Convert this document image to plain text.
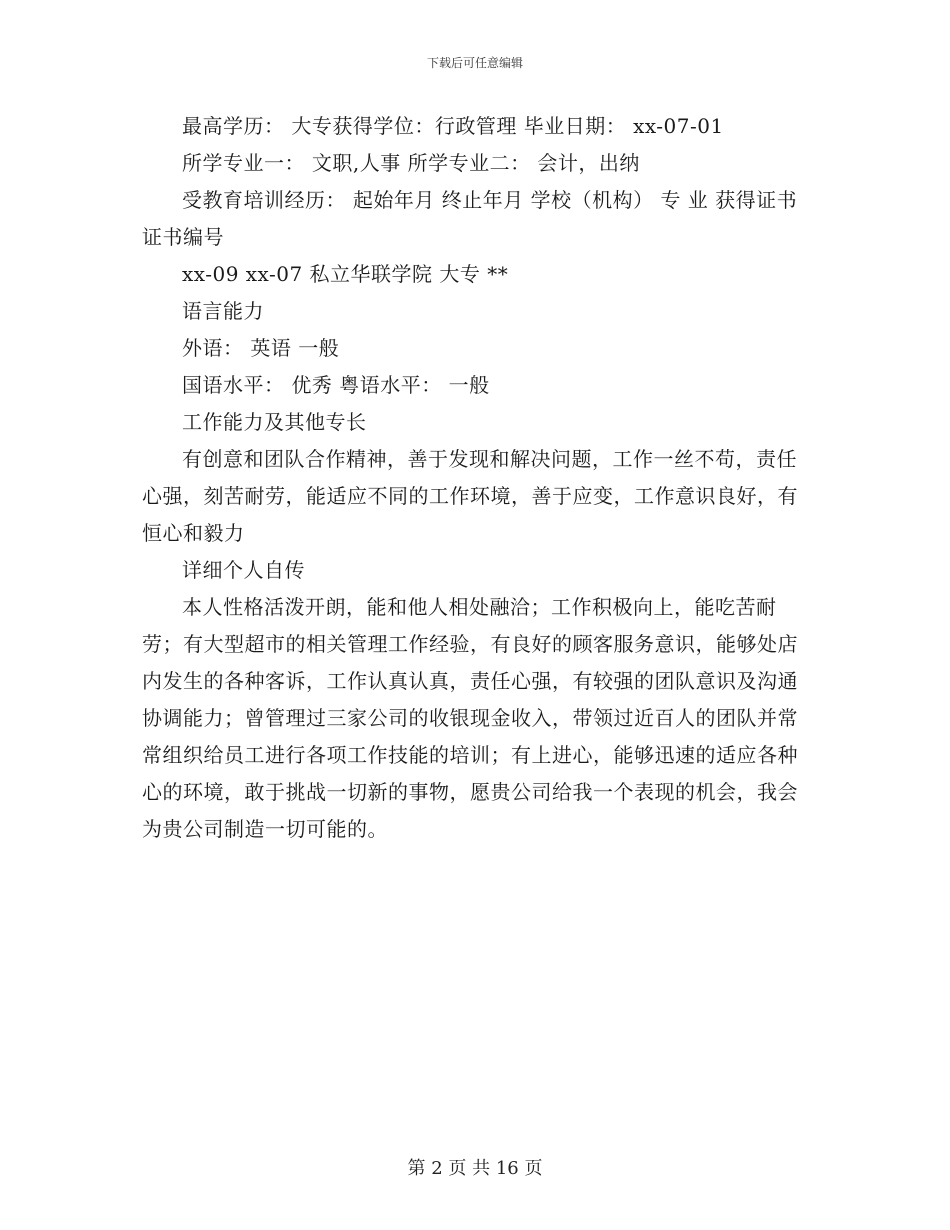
下载后可任意编辑

最高学历： 大专获得学位：行政管理 毕业日期： xx-07-01

所学专业一： 文职,人事 所学专业二： 会计，出纳

受教育培训经历： 起始年月 终止年月 学校（机构） 专 业 获得证书 证书编号

xx-09 xx-07 私立华联学院 大专 **

语言能力

外语： 英语 一般

国语水平： 优秀 粤语水平： 一般

工作能力及其他专长

有创意和团队合作精神，善于发现和解决问题，工作一丝不苟，责任心强，刻苦耐劳，能适应不同的工作环境，善于应变，工作意识良好，有恒心和毅力

详细个人自传

本人性格活泼开朗，能和他人相处融洽；工作积极向上，能吃苦耐劳；有大型超市的相关管理工作经验，有良好的顾客服务意识，能够处店内发生的各种客诉，工作认真认真，责任心强，有较强的团队意识及沟通协调能力；曾管理过三家公司的收银现金收入，带领过近百人的团队并常常组织给员工进行各项工作技能的培训；有上进心，能够迅速的适应各种心的环境，敢于挑战一切新的事物，愿贵公司给我一个表现的机会，我会为贵公司制造一切可能的。

第 2 页 共 16 页
